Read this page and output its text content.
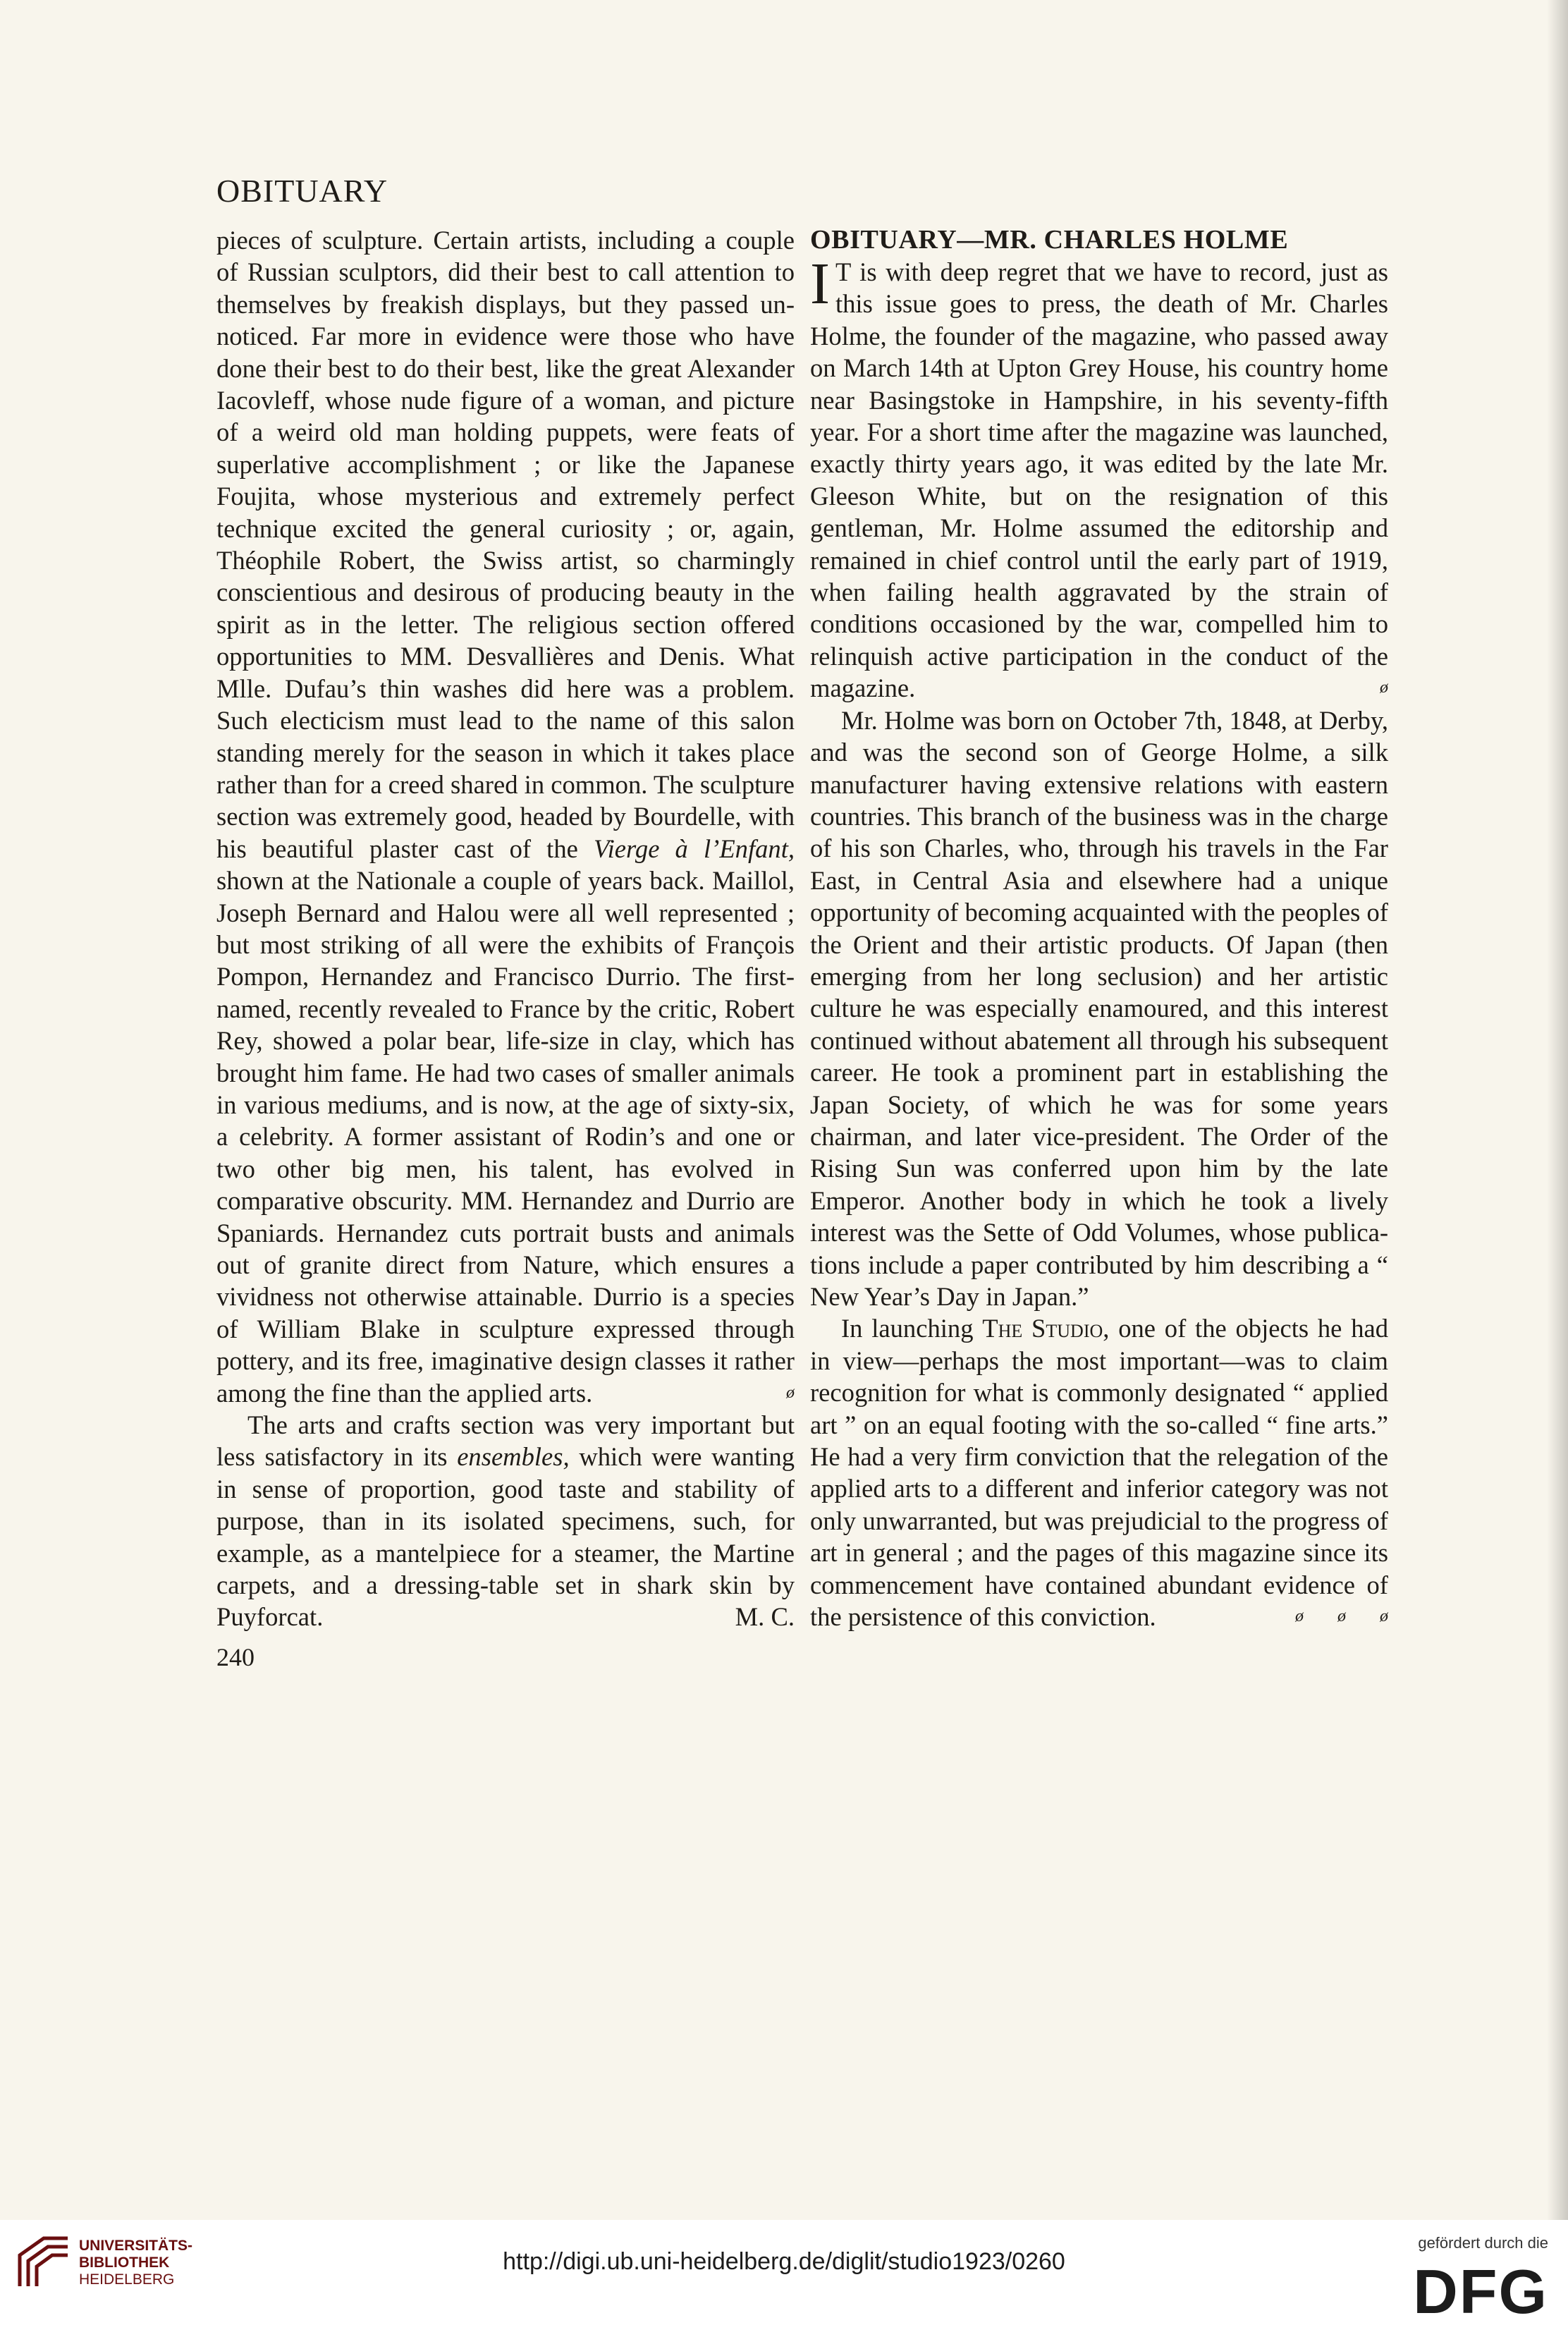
OBITUARY

pieces of sculpture. Certain artists, including a couple of Russian sculptors, did their best to call attention to themselves by freakish displays, but they passed unnoticed. Far more in evidence were those who have done their best to do their best, like the great Alexander Iacovleff, whose nude figure of a woman, and picture of a weird old man holding puppets, were feats of superlative accomplishment ; or like the Japanese Foujita, whose mysterious and extremely perfect technique excited the general curiosity ; or, again, Théophile Robert, the Swiss artist, so charmingly conscientious and desirous of producing beauty in the spirit as in the letter. The religious section offered opportunities to MM. Desvallières and Denis. What Mlle. Dufau’s thin washes did here was a problem. Such electicism must lead to the name of this salon standing merely for the season in which it takes place rather than for a creed shared in common. The sculpture section was extremely good, headed by Bourdelle, with his beautiful plaster cast of the Vierge à l’Enfant, shown at the Nationale a couple of years back. Maillol, Joseph Bernard and Halou were all well represented ; but most striking of all were the exhibits of François Pompon, Hernandez and Francisco Durrio. The first-named, recently revealed to France by the critic, Robert Rey, showed a polar bear, life-size in clay, which has brought him fame. He had two cases of smaller animals in various mediums, and is now, at the age of sixty-six, a celebrity. A former assistant of Rodin’s and one or two other big men, his talent, has evolved in comparative obscurity. MM. Hernandez and Durrio are Spaniards. Hernandez cuts portrait busts and animals out of granite direct from Nature, which ensures a vividness not otherwise attainable. Durrio is a species of William Blake in sculpture expressed through pottery, and its free, imaginative design classes it rather among the fine than the applied arts.	ø

The arts and crafts section was very important but less satisfactory in its ensembles, which were wanting in sense of proportion, good taste and stability of purpose, than in its isolated specimens, such, for example, as a mantelpiece for a steamer, the Martine carpets, and a dressing-table set in shark skin by Puyforcat.	M. C.

240
OBITUARY—MR. CHARLES HOLME

I T is with deep regret that we have to record, just as this issue goes to press, the death of Mr. Charles Holme, the founder of the magazine, who passed away on March 14th at Upton Grey House, his country home near Basingstoke in Hampshire, in his seventy-fifth year. For a short time after the magazine was launched, exactly thirty years ago, it was edited by the late Mr. Gleeson White, but on the resignation of this gentleman, Mr. Holme assumed the editorship and remained in chief control until the early part of 1919, when failing health aggravated by the strain of conditions occasioned by the war, compelled him to relinquish active participation in the conduct of the magazine.	ø

Mr. Holme was born on October 7th, 1848, at Derby, and was the second son of George Holme, a silk manufacturer having extensive relations with eastern countries. This branch of the business was in the charge of his son Charles, who, through his travels in the Far East, in Central Asia and elsewhere had a unique opportunity of becoming acquainted with the peoples of the Orient and their artistic products. Of Japan (then emerging from her long seclusion) and her artistic culture he was especially enamoured, and this interest continued without abatement all through his subsequent career. He took a prominent part in establishing the Japan Society, of which he was for some years chairman, and later vice-president. The Order of the Rising Sun was conferred upon him by the late Emperor. Another body in which he took a lively interest was the Sette of Odd Volumes, whose publications include a paper contributed by him describing a “ New Year’s Day in Japan.”

In launching The Studio, one of the objects he had in view—perhaps the most important—was to claim recognition for what is commonly designated “ applied art ” on an equal footing with the so-called “ fine arts.” He had a very firm conviction that the relegation of the applied arts to a different and inferior category was not only unwarranted, but was prejudicial to the progress of art in general ; and the pages of this magazine since its commencement have contained abundant evidence of the persistence of this conviction.	ø   ø   ø

UNIVERSITÄTS-
BIBLIOTHEK
HEIDELBERG
http://digi.ub.uni-heidelberg.de/diglit/studio1923/0260
gefördert durch die
DFG
